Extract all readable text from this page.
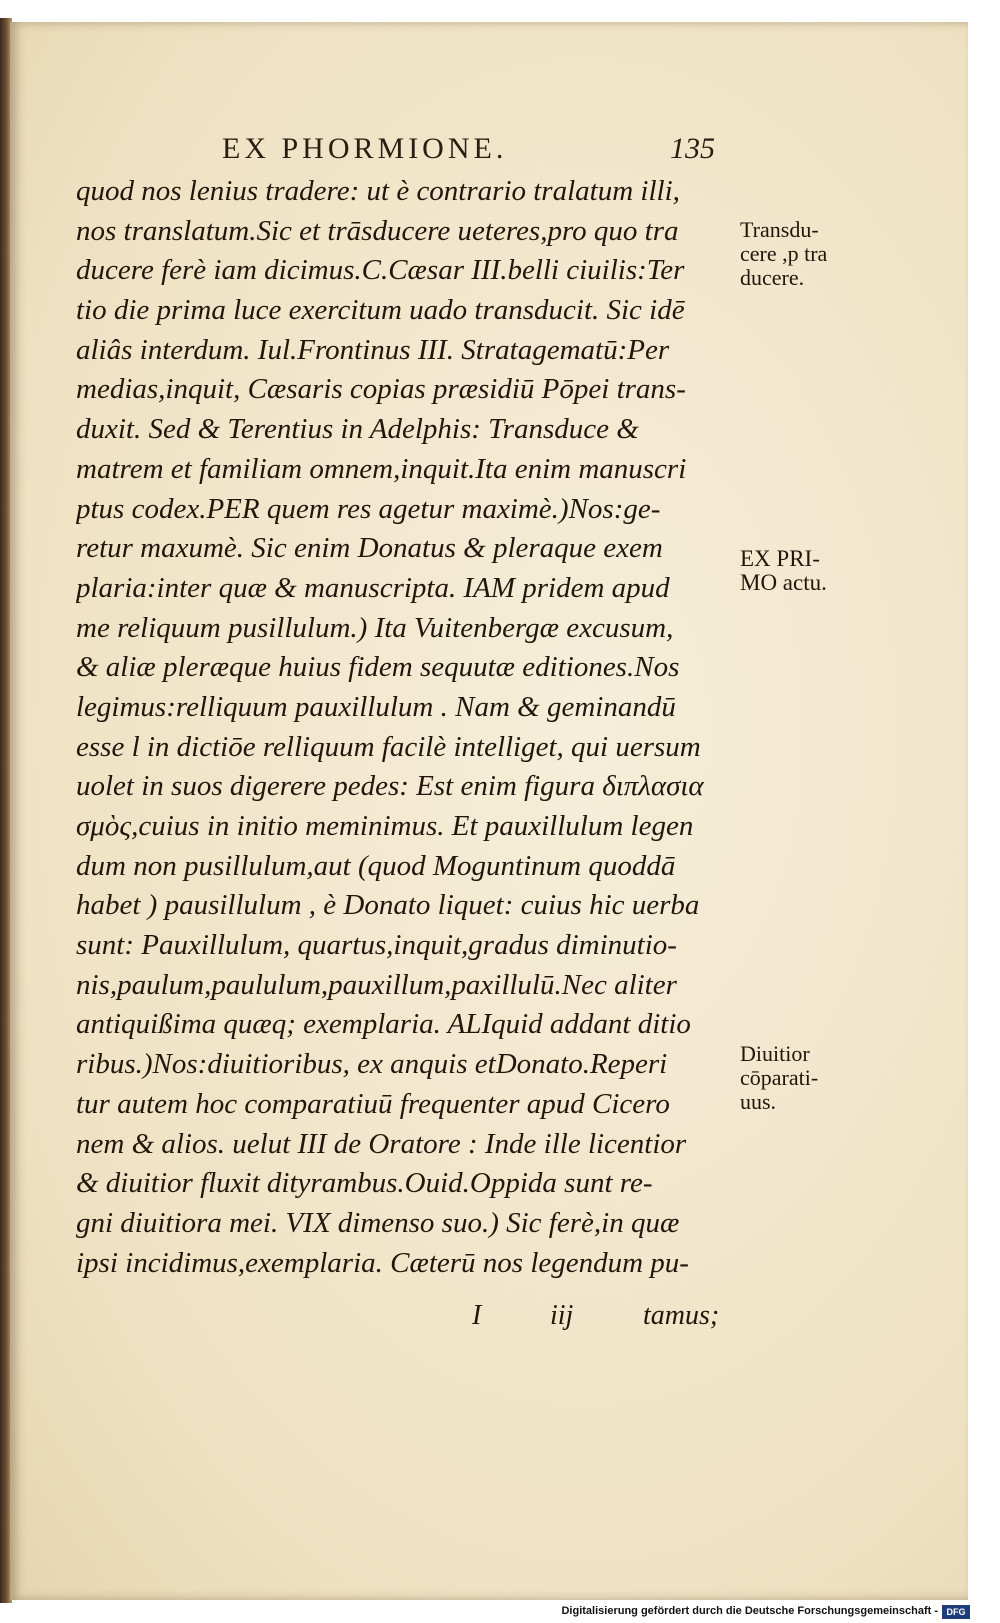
EX PHORMIONE.	135
quod nos lenius tradere: ut è contrario tralatum illi,
nos translatum.Sic et trāsducere ueteres,pro quo tra
ducere ferè iam dicimus.C.Cæsar III.belli ciuilis:Ter
tio die prima luce exercitum uado transducit. Sic idē
aliâs interdum. Iul.Frontinus III. Stratagematū:Per
medias,inquit, Cæsaris copias præsidiū Pōpei trans-
duxit. Sed & Terentius in Adelphis: Transduce &
matrem et familiam omnem,inquit.Ita enim manuscri
ptus codex.PER quem res agetur maximè.)Nos:ge-
retur maxumè. Sic enim Donatus & pleraque exem
plaria:inter quæ & manuscripta. IAM pridem apud
me reliquum pusillulum.) Ita Vuitenbergæ excusum,
& aliæ pleræque huius fidem sequutæ editiones.Nos
legimus:relliquum pauxillulum . Nam & geminandū
esse l in dictiōe relliquum facilè intelliget, qui uersum
uolet in suos digerere pedes: Est enim figura διπλασια
σμὸς,cuius in initio meminimus. Et pauxillulum legen
dum non pusillulum,aut (quod Moguntinum quoddā
habet ) pausillulum , è Donato liquet: cuius hic uerba
sunt: Pauxillulum, quartus,inquit,gradus diminutio-
nis,paulum,paululum,pauxillum,paxillulū.Nec aliter
antiquißima quæq; exemplaria. ALIquid addant ditio
ribus.)Nos:diuitioribus, ex anquis etDonato.Reperi
tur autem hoc comparatiuū frequenter apud Cicero
nem & alios. uelut III de Oratore : Inde ille licentior
& diuitior fluxit dityrambus.Ouid.Oppida sunt re-
gni diuitiora mei. VIX dimenso suo.) Sic ferè,in quæ
ipsi incidimus,exemplaria. Cæterū nos legendum pu-
Transdu-
cere ,p tra
ducere.
EX PRI-
MO actu.
Diuitior
cōparati-
uus.
I iij tamus;
Digitalisierung gefördert durch die Deutsche Forschungsgemeinschaft - DFG
